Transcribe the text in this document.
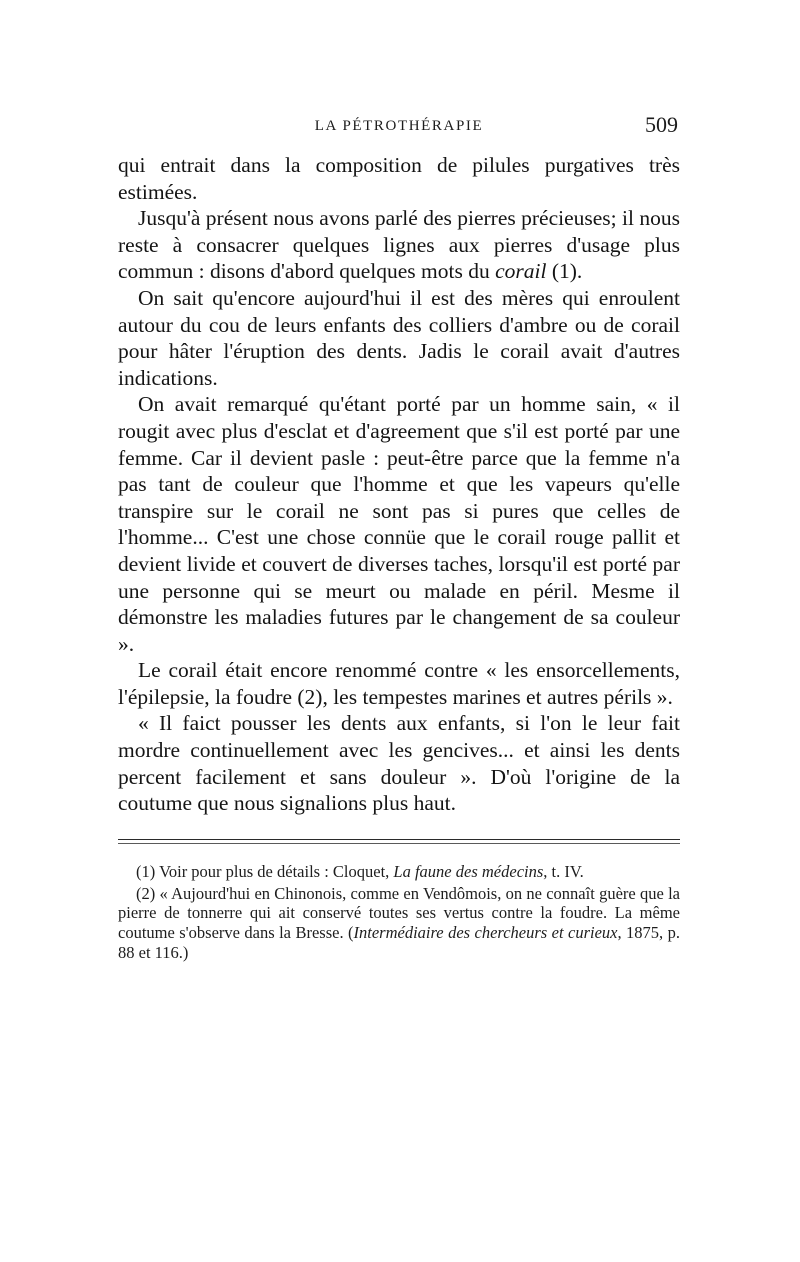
LA PÉTROTHÉRAPIE	509

qui entrait dans la composition de pilules purgatives très estimées.

Jusqu'à présent nous avons parlé des pierres précieuses; il nous reste à consacrer quelques lignes aux pierres d'usage plus commun : disons d'abord quelques mots du corail (1).

On sait qu'encore aujourd'hui il est des mères qui enroulent autour du cou de leurs enfants des colliers d'ambre ou de corail pour hâter l'éruption des dents. Jadis le corail avait d'autres indications.

On avait remarqué qu'étant porté par un homme sain, « il rougit avec plus d'esclat et d'agreement que s'il est porté par une femme. Car il devient pasle : peut-être parce que la femme n'a pas tant de couleur que l'homme et que les vapeurs qu'elle transpire sur le corail ne sont pas si pures que celles de l'homme... C'est une chose connüe que le corail rouge pallit et devient livide et couvert de diverses taches, lorsqu'il est porté par une personne qui se meurt ou malade en péril. Mesme il démonstre les maladies futures par le changement de sa couleur ».

Le corail était encore renommé contre « les ensorcellements, l'épilepsie, la foudre (2), les tempestes marines et autres périls ».

« Il faict pousser les dents aux enfants, si l'on le leur fait mordre continuellement avec les gencives... et ainsi les dents percent facilement et sans douleur ». D'où l'origine de la coutume que nous signalions plus haut.

(1) Voir pour plus de détails : Cloquet, La faune des médecins, t. IV.

(2) « Aujourd'hui en Chinonois, comme en Vendômois, on ne connaît guère que la pierre de tonnerre qui ait conservé toutes ses vertus contre la foudre. La même coutume s'observe dans la Bresse. (Intermédiaire des chercheurs et curieux, 1875, p. 88 et 116.)
